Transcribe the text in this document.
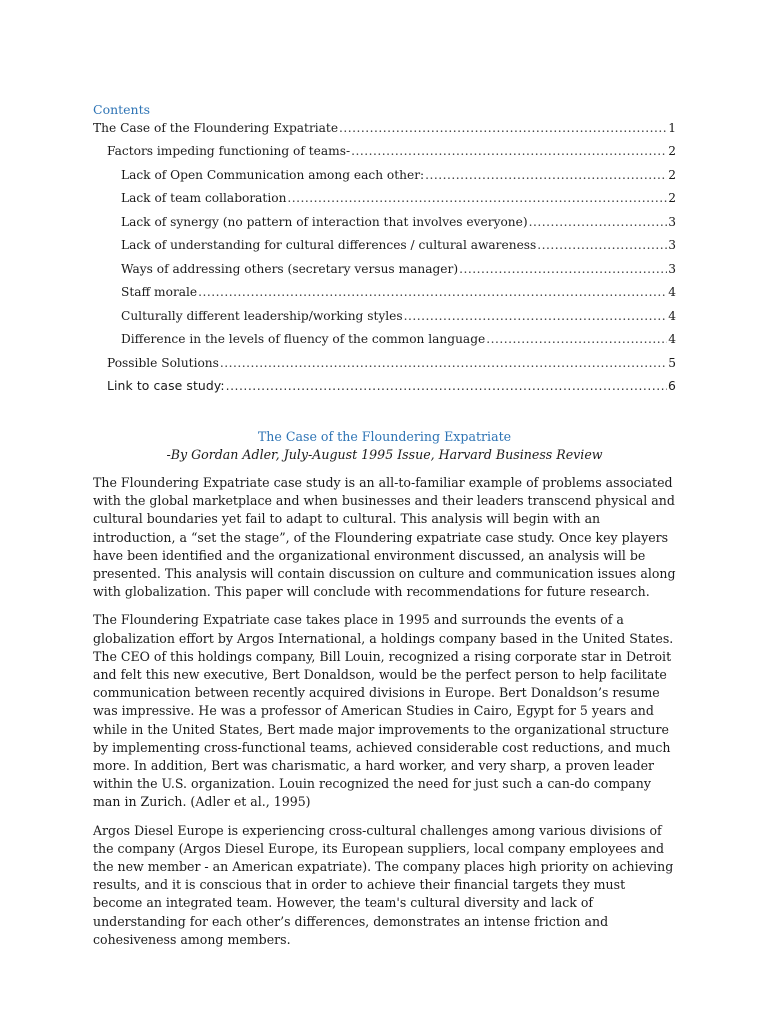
Contents
The Case of the Floundering Expatriate .....	1
Factors impeding functioning of teams- .....	2
Lack of Open Communication among each other: .....	2
Lack of team collaboration .....	2
Lack of synergy (no pattern of interaction that involves everyone) .....	3
Lack of understanding for cultural differences / cultural awareness .....	3
Ways of addressing others (secretary versus manager) .....	3
Staff morale .....	4
Culturally different leadership/working styles .....	4
Difference in the levels of fluency of the common language .....	4
Possible Solutions .....	5
Link to case study: .....	6
The Case of the Floundering Expatriate
-By Gordan Adler, July-August 1995 Issue, Harvard Business Review

The Floundering Expatriate case study is an all-to-familiar example of problems associated with the global marketplace and when businesses and their leaders transcend physical and cultural boundaries yet fail to adapt to cultural. This analysis will begin with an introduction, a “set the stage”, of the Floundering expatriate case study. Once key players have been identified and the organizational environment discussed, an analysis will be presented. This analysis will contain discussion on culture and communication issues along with globalization. This paper will conclude with recommendations for future research.

The Floundering Expatriate case takes place in 1995 and surrounds the events of a globalization effort by Argos International, a holdings company based in the United States. The CEO of this holdings company, Bill Louin, recognized a rising corporate star in Detroit and felt this new executive, Bert Donaldson, would be the perfect person to help facilitate communication between recently acquired divisions in Europe. Bert Donaldson’s resume was impressive. He was a professor of American Studies in Cairo, Egypt for 5 years and while in the United States, Bert made major improvements to the organizational structure by implementing cross-functional teams, achieved considerable cost reductions, and much more. In addition, Bert was charismatic, a hard worker, and very sharp, a proven leader within the U.S. organization. Louin recognized the need for just such a can-do company man in Zurich. (Adler et al., 1995)

Argos Diesel Europe is experiencing cross-cultural challenges among various divisions of the company (Argos Diesel Europe, its European suppliers, local company employees and the new member - an American expatriate). The company places high priority on achieving results, and it is conscious that in order to achieve their financial targets they must become an integrated team. However, the team's cultural diversity and lack of understanding for each other’s differences, demonstrates an intense friction and cohesiveness among members.
